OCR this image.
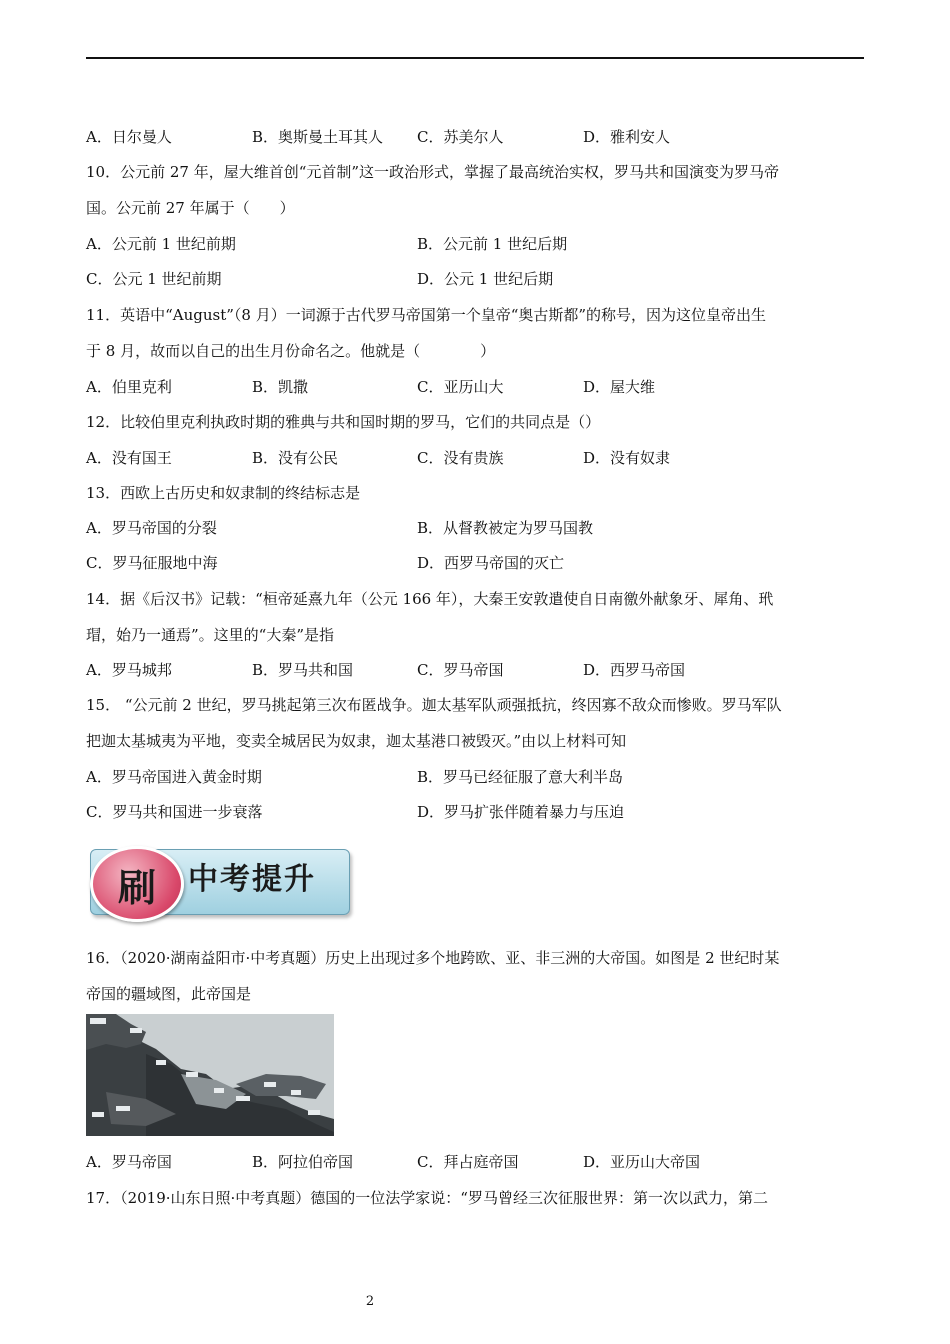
A．日尔曼人	B．奥斯曼土耳其人 C．苏美尔人	D．雅利安人
10．公元前 27 年，屋大维首创“元首制”这一政治形式，掌握了最高统治实权，罗马共和国演变为罗马帝
国。公元前 27 年属于（　　）
A．公元前 1 世纪前期	B．公元前 1 世纪后期
C．公元 1 世纪前期	D．公元 1 世纪后期
11．英语中“August”（8 月）一词源于古代罗马帝国第一个皇帝“奥古斯都”的称号，因为这位皇帝出生
于 8 月，故而以自己的出生月份命名之。他就是（　　　　）
A．伯里克利	B．凯撒	C．亚历山大	D．屋大维
12．比较伯里克利执政时期的雅典与共和国时期的罗马，它们的共同点是（）
A．没有国王	B．没有公民	C．没有贵族	D．没有奴隶
13．西欧上古历史和奴隶制的终结标志是
A．罗马帝国的分裂	B．从督教被定为罗马国教
C．罗马征服地中海	D．西罗马帝国的灭亡
14．据《后汉书》记载：“桓帝延熹九年（公元 166 年），大秦王安敦遣使自日南徼外献象牙、犀角、玳
瑁，始乃一通焉”。这里的“大秦”是指
A．罗马城邦	B．罗马共和国	C．罗马帝国	D．西罗马帝国
15． “公元前 2 世纪，罗马挑起第三次布匿战争。迦太基军队顽强抵抗，终因寡不敌众而惨败。罗马军队
把迦太基城夷为平地，变卖全城居民为奴隶，迦太基港口被毁灭。”由以上材料可知
A．罗马帝国进入黄金时期	B．罗马已经征服了意大利半岛
C．罗马共和国进一步衰落	D．罗马扩张伴随着暴力与压迫
刷	中考提升
16．（2020·湖南益阳市·中考真题）历史上出现过多个地跨欧、亚、非三洲的大帝国。如图是 2 世纪时某
帝国的疆域图，此帝国是
A．罗马帝国	B．阿拉伯帝国	C．拜占庭帝国	D．亚历山大帝国
17．（2019·山东日照·中考真题）德国的一位法学家说：“罗马曾经三次征服世界：第一次以武力，第二
2
